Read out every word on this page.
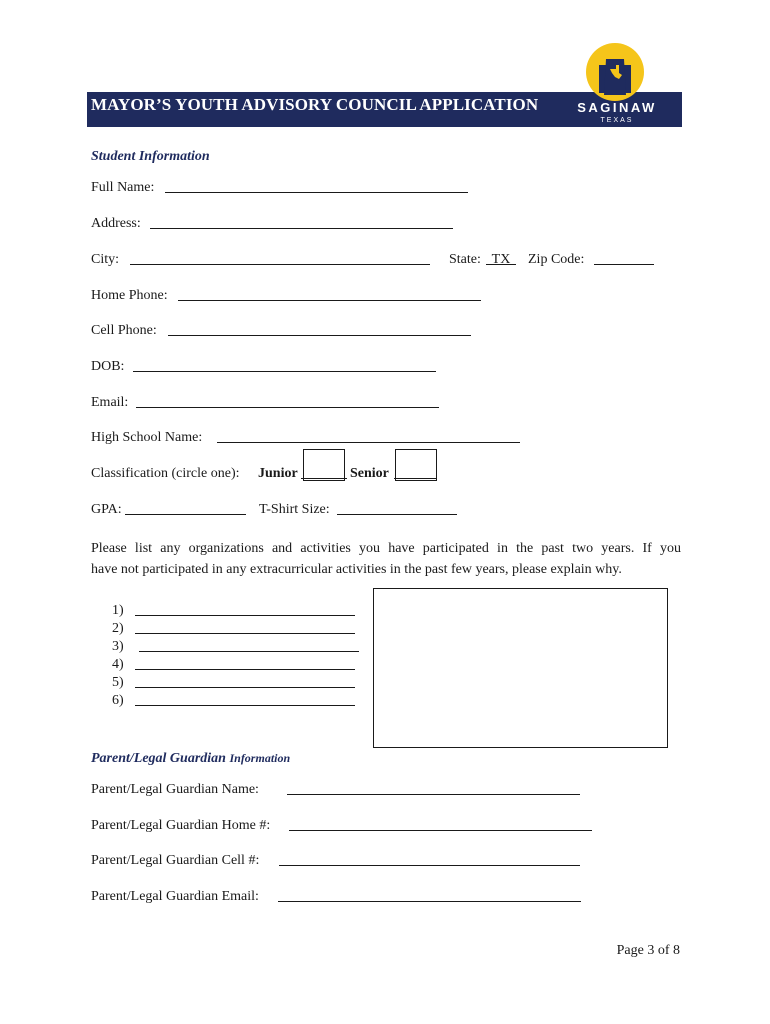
MAYOR’S YOUTH ADVISORY COUNCIL APPLICATION	SAGINAW
TEXAS
Student Information
Full Name:
Address:
City:	State: TX	Zip Code:
Home Phone:
Cell Phone:
DOB:
Email:
High School Name:
Classification (circle one): Junior	Senior
GPA:	T-Shirt Size:
Please list any organizations and activities you have participated in the past two years. If you
have not participated in any extracurricular activities in the past few years, please explain why.
1)
2)
3)
4)
5)
6)
Parent/Legal Guardian Information
Parent/Legal Guardian Name:
Parent/Legal Guardian Home #:
Parent/Legal Guardian Cell #:
Parent/Legal Guardian Email:
Page 3 of 8
